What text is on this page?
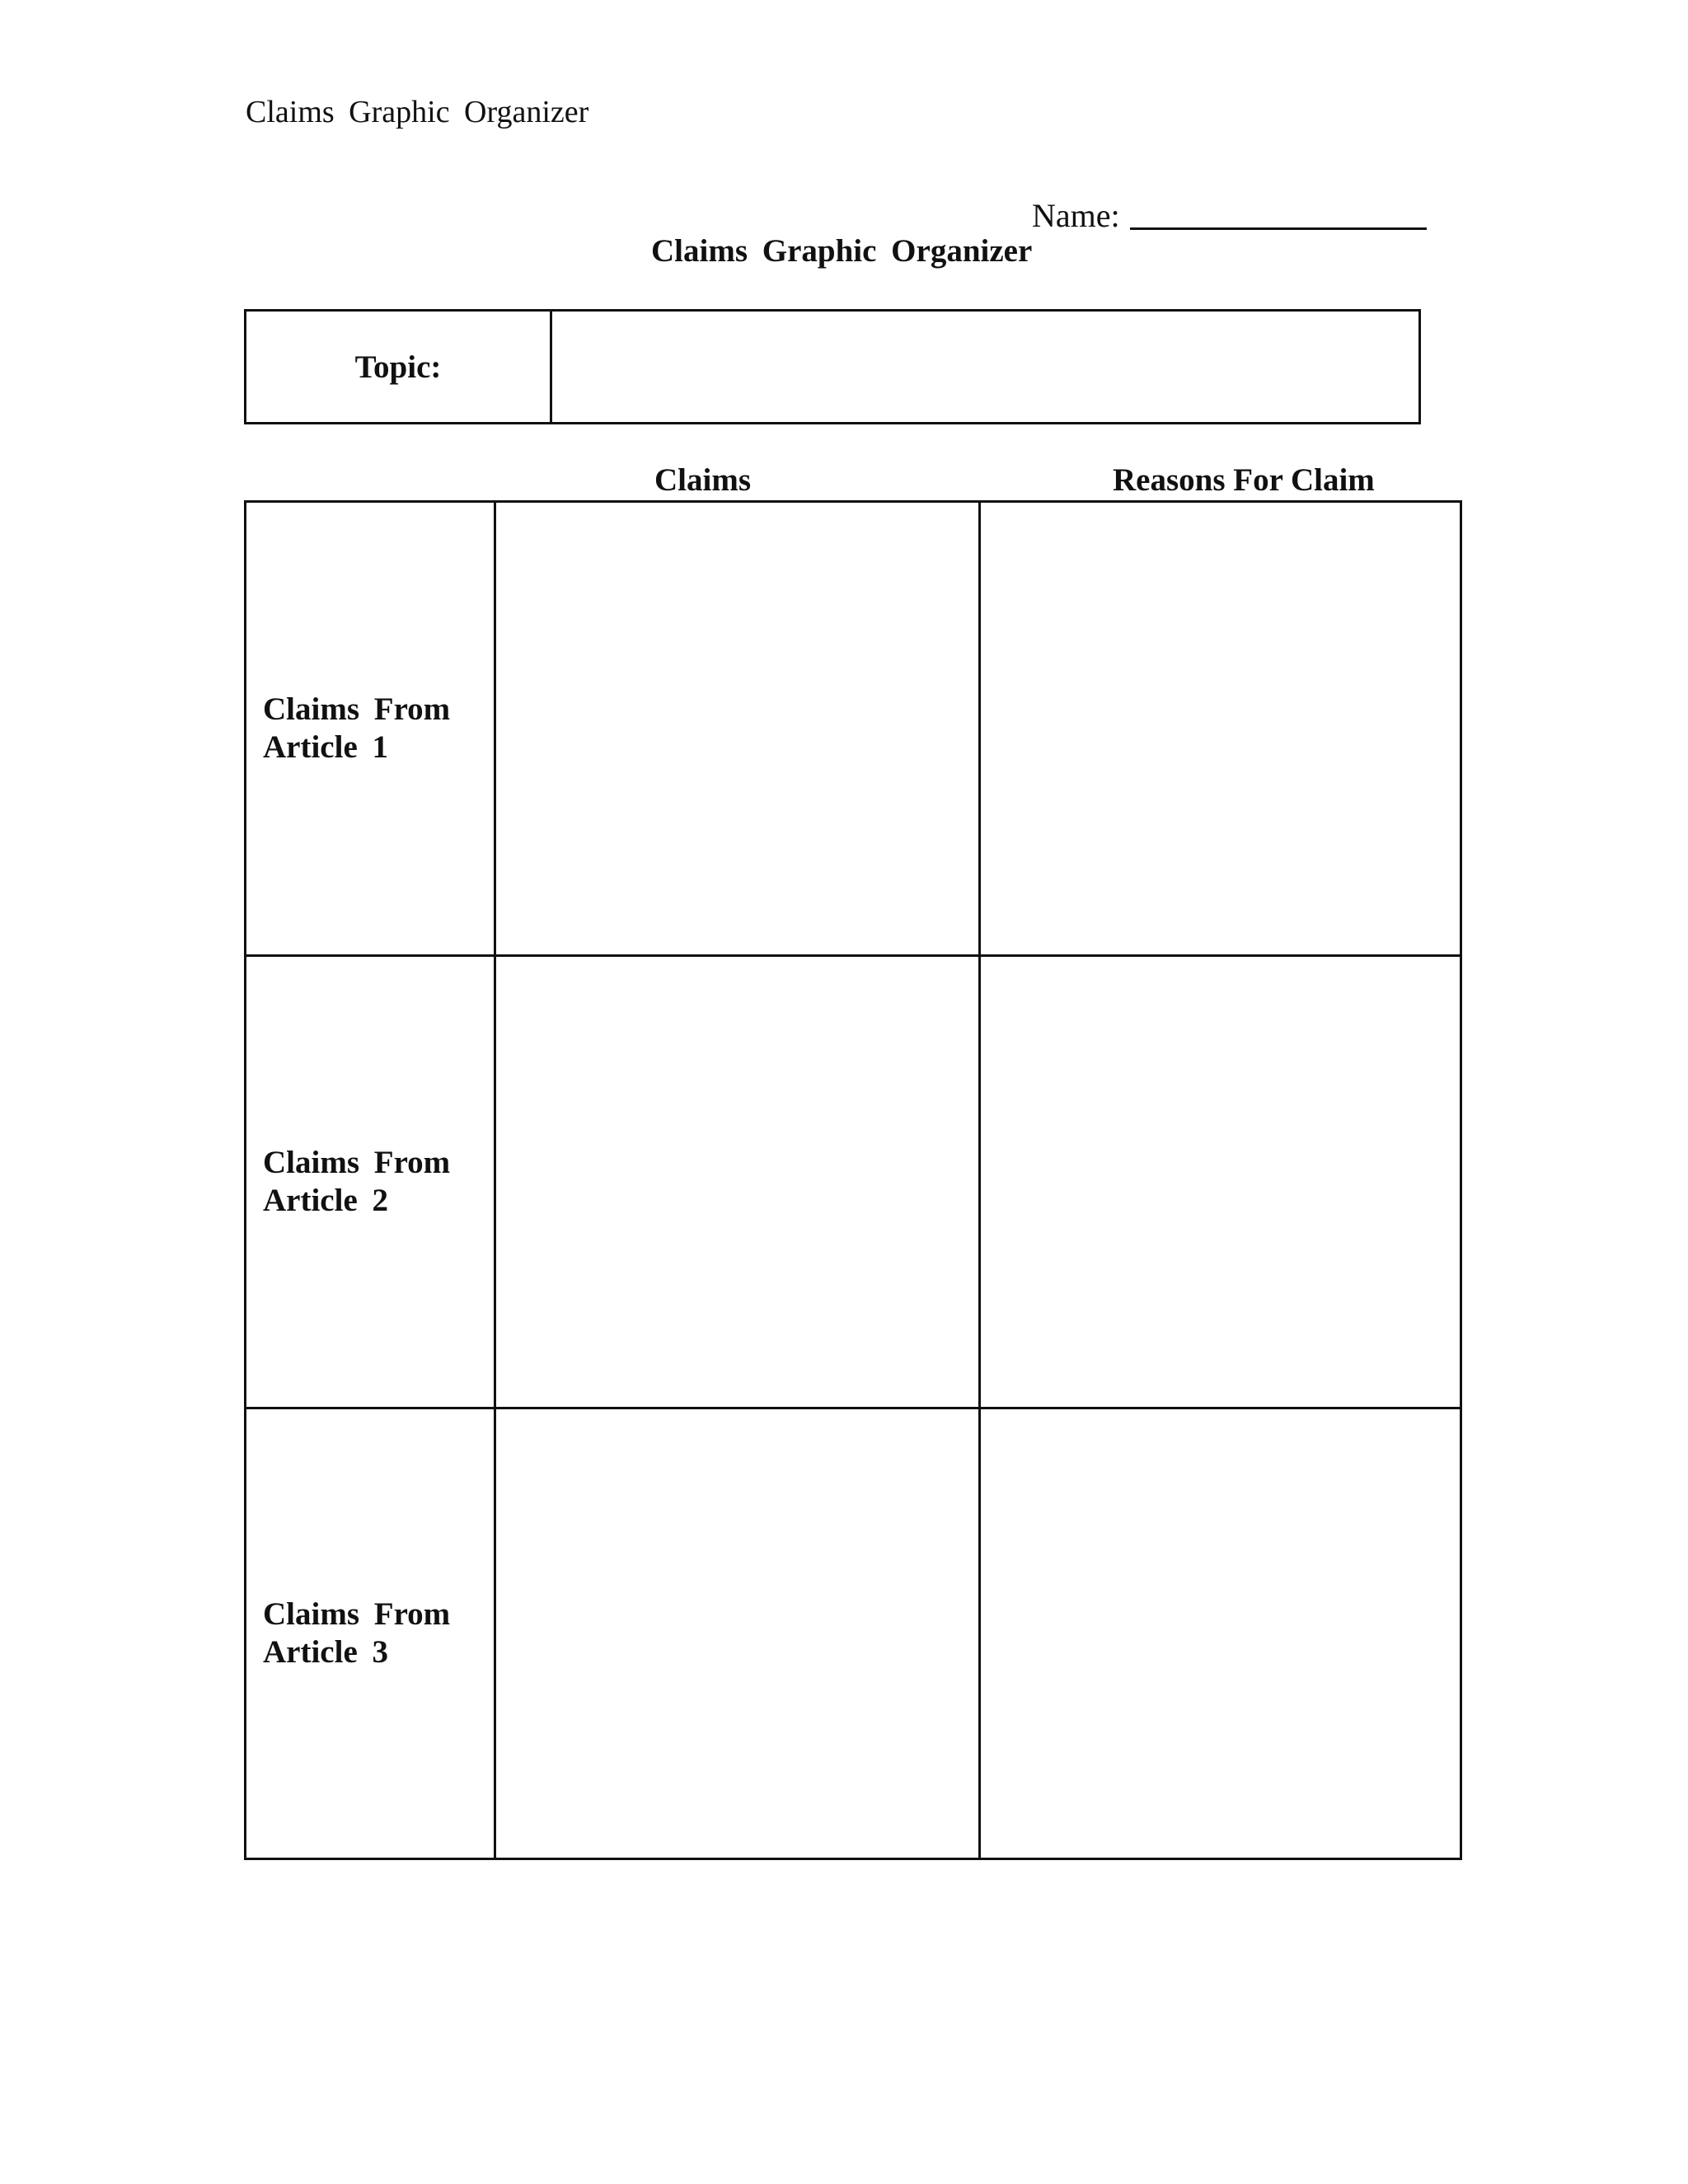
Claims Graphic Organizer
Name:
Claims Graphic Organizer
Topic:
Claims	Reasons For Claim
Claims From
Article 1
Claims From
Article 2
Claims From
Article 3
